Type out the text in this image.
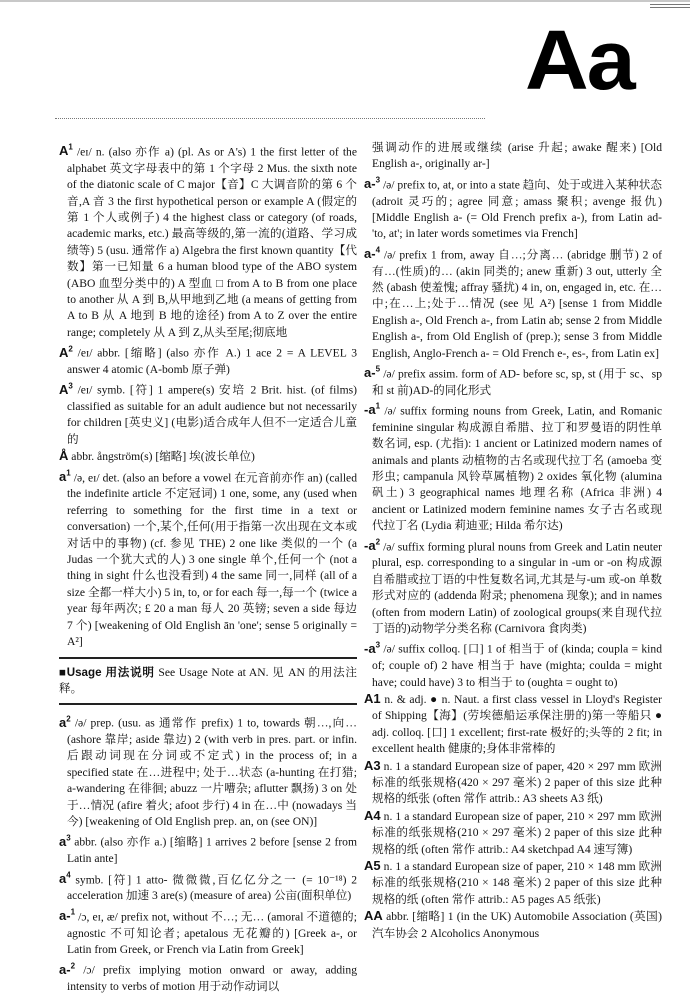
Aa

$A^1$ /eɪ/ n. (also 亦作 a) (pl. As or A's) 1 the first letter of the alphabet 英文字母表中的第 1 个字母 2 Mus. the sixth note of the diatonic scale of C major【音】C 大调音阶的第 6 个音,A 音 3 the first hypothetical person or example A (假定的第 1 个人或例子) 4 the highest class or category (of roads, academic marks, etc.) 最高等级的,第一流的(道路、学习成绩等) 5 (usu. 通常作 a) Algebra the first known quantity【代数】第一已知量 6 a human blood type of the ABO system (ABO 血型分类中的) A 型血 □ from A to B from one place to another 从 A 到 B,从甲地到乙地 (a means of getting from A to B 从 A 地到 B 地的途径) from A to Z over the entire range; completely 从 A 到 Z,从头至尾;彻底地

$A^2$ /eɪ/ abbr. [缩略] (also 亦作 A.) 1 ace 2 = A LEVEL 3 answer 4 atomic (A-bomb 原子弹)

$A^3$ /eɪ/ symb. [符] 1 ampere(s) 安培 2 Brit. hist. (of films) classified as suitable for an adult audience but not necessarily for children [英史义] (电影)适合成年人但不一定适合儿童的

Å abbr. ångström(s) [缩略] 埃(波长单位)

$a^1$ /ə, eɪ/ det. (also an before a vowel 在元音前亦作 an) (called the indefinite article 不定冠词) 1 one, some, any (used when referring to something for the first time in a text or conversation) 一个,某个,任何(用于指第一次出现在文本或对话中的事物) (cf. 参见 THE) 2 one like 类似的一个 (a Judas 一个犹大式的人) 3 one single 单个,任何一个 (not a thing in sight 什么也没看到) 4 the same 同一,同样 (all of a size 全都一样大小) 5 in, to, or for each 每一,每一个 (twice a year 每年两次; £ 20 a man 每人 20 英镑; seven a side 每边 7 个) [weakening of Old English ān 'one'; sense 5 originally = A²]

■Usage 用法说明 See Usage Note at AN. 见 AN 的用法注释。

$a^2$ /ə/ prep. (usu. as 通常作 prefix) 1 to, towards 朝…,向… (ashore 靠岸; aside 靠边) 2 (with verb in pres. part. or infin. 后跟动词现在分词或不定式) in the process of; in a specified state 在…进程中; 处于…状态 (a-hunting 在打猎; a-wandering 在徘徊; abuzz 一片嘈杂; aflutter 飘扬) 3 on 处于…情况 (afire 着火; afoot 步行) 4 in 在…中 (nowadays 当今) [weakening of Old English prep. an, on (see ON)]

$a^3$ abbr. (also 亦作 a.) [缩略] 1 arrives 2 before [sense 2 from Latin ante]

$a^4$ symb. [符] 1 atto- 微微微,百亿亿分之一 (= 10⁻¹⁸) 2 acceleration 加速 3 are(s) (measure of area) 公亩(面积单位)

a-$^1$ /ɔ, eɪ, æ/ prefix not, without 不…; 无… (amoral 不道德的; agnostic 不可知论者; apetalous 无花瓣的) [Greek a-, or Latin from Greek, or French via Latin from Greek]

a-$^2$ /ɔ/ prefix implying motion onward or away, adding intensity to verbs of motion 用于动作动词以

强调动作的进展或继续 (arise 升起; awake 醒来) [Old English a-, originally ar-]

a-$^3$ /ə/ prefix to, at, or into a state 趋向、处于或进入某种状态 (adroit 灵巧的; agree 同意; amass 聚积; avenge 报仇) [Middle English a- (= Old French prefix a-), from Latin ad- 'to, at'; in later words sometimes via French]

a-$^4$ /ə/ prefix 1 from, away 自…;分离… (abridge 删节) 2 of 有…(性质)的… (akin 同类的; anew 重新) 3 out, utterly 全然 (abash 使羞愧; affray 骚扰) 4 in, on, engaged in, etc. 在…中;在…上;处于…情况 (see 见 A²) [sense 1 from Middle English a-, Old French a-, from Latin ab; sense 2 from Middle English a-, from Old English of (prep.); sense 3 from Middle English, Anglo-French a- = Old French e-, es-, from Latin ex]

a-$^5$ /ə/ prefix assim. form of AD- before sc, sp, st (用于 sc、sp 和 st 前)AD-的同化形式

$-a^1$ /ə/ suffix forming nouns from Greek, Latin, and Romanic feminine singular 构成源自希腊、拉丁和罗曼语的阴性单数名词, esp. (尤指): 1 ancient or Latinized modern names of animals and plants 动植物的古名或现代拉丁名 (amoeba 变形虫; campanula 风铃草属植物) 2 oxides 氧化物 (alumina 矾土) 3 geographical names 地理名称 (Africa 非洲) 4 ancient or Latinized modern feminine names 女子古名或现代拉丁名 (Lydia 莉迪亚; Hilda 希尔达)

$-a^2$ /ə/ suffix forming plural nouns from Greek and Latin neuter plural, esp. corresponding to a singular in -um or -on 构成源自希腊或拉丁语的中性复数名词,尤其是与-um 或-on 单数形式对应的 (addenda 附录; phenomena 现象); and in names (often from modern Latin) of zoological groups(来自现代拉丁语的)动物学分类名称 (Carnivora 食肉类)

$-a^3$ /ə/ suffix colloq. [口] 1 of 相当于 of (kinda; coupla = kind of; couple of) 2 have 相当于 have (mighta; coulda = might have; could have) 3 to 相当于 to (oughta = ought to)

A1 n. & adj. ● n. Naut. a first class vessel in Lloyd's Register of Shipping【海】(劳埃德船运承保注册的)第一等船只 ● adj. colloq. [口] 1 excellent; first-rate 极好的;头等的 2 fit; in excellent health 健康的;身体非常棒的

A3 n. 1 a standard European size of paper, 420 × 297 mm 欧洲标准的纸张规格(420 × 297 毫米) 2 paper of this size 此种规格的纸张 (often 常作 attrib.: A3 sheets A3 纸)

A4 n. 1 a standard European size of paper, 210 × 297 mm 欧洲标准的纸张规格(210 × 297 毫米) 2 paper of this size 此种规格的纸 (often 常作 attrib.: A4 sketchpad A4 速写簿)

A5 n. 1 a standard European size of paper, 210 × 148 mm 欧洲标准的纸张规格(210 × 148 毫米) 2 paper of this size 此种规格的纸 (often 常作 attrib.: A5 pages A5 纸张)

AA abbr. [缩略] 1 (in the UK) Automobile Association (英国)汽车协会 2 Alcoholics Anonymous
